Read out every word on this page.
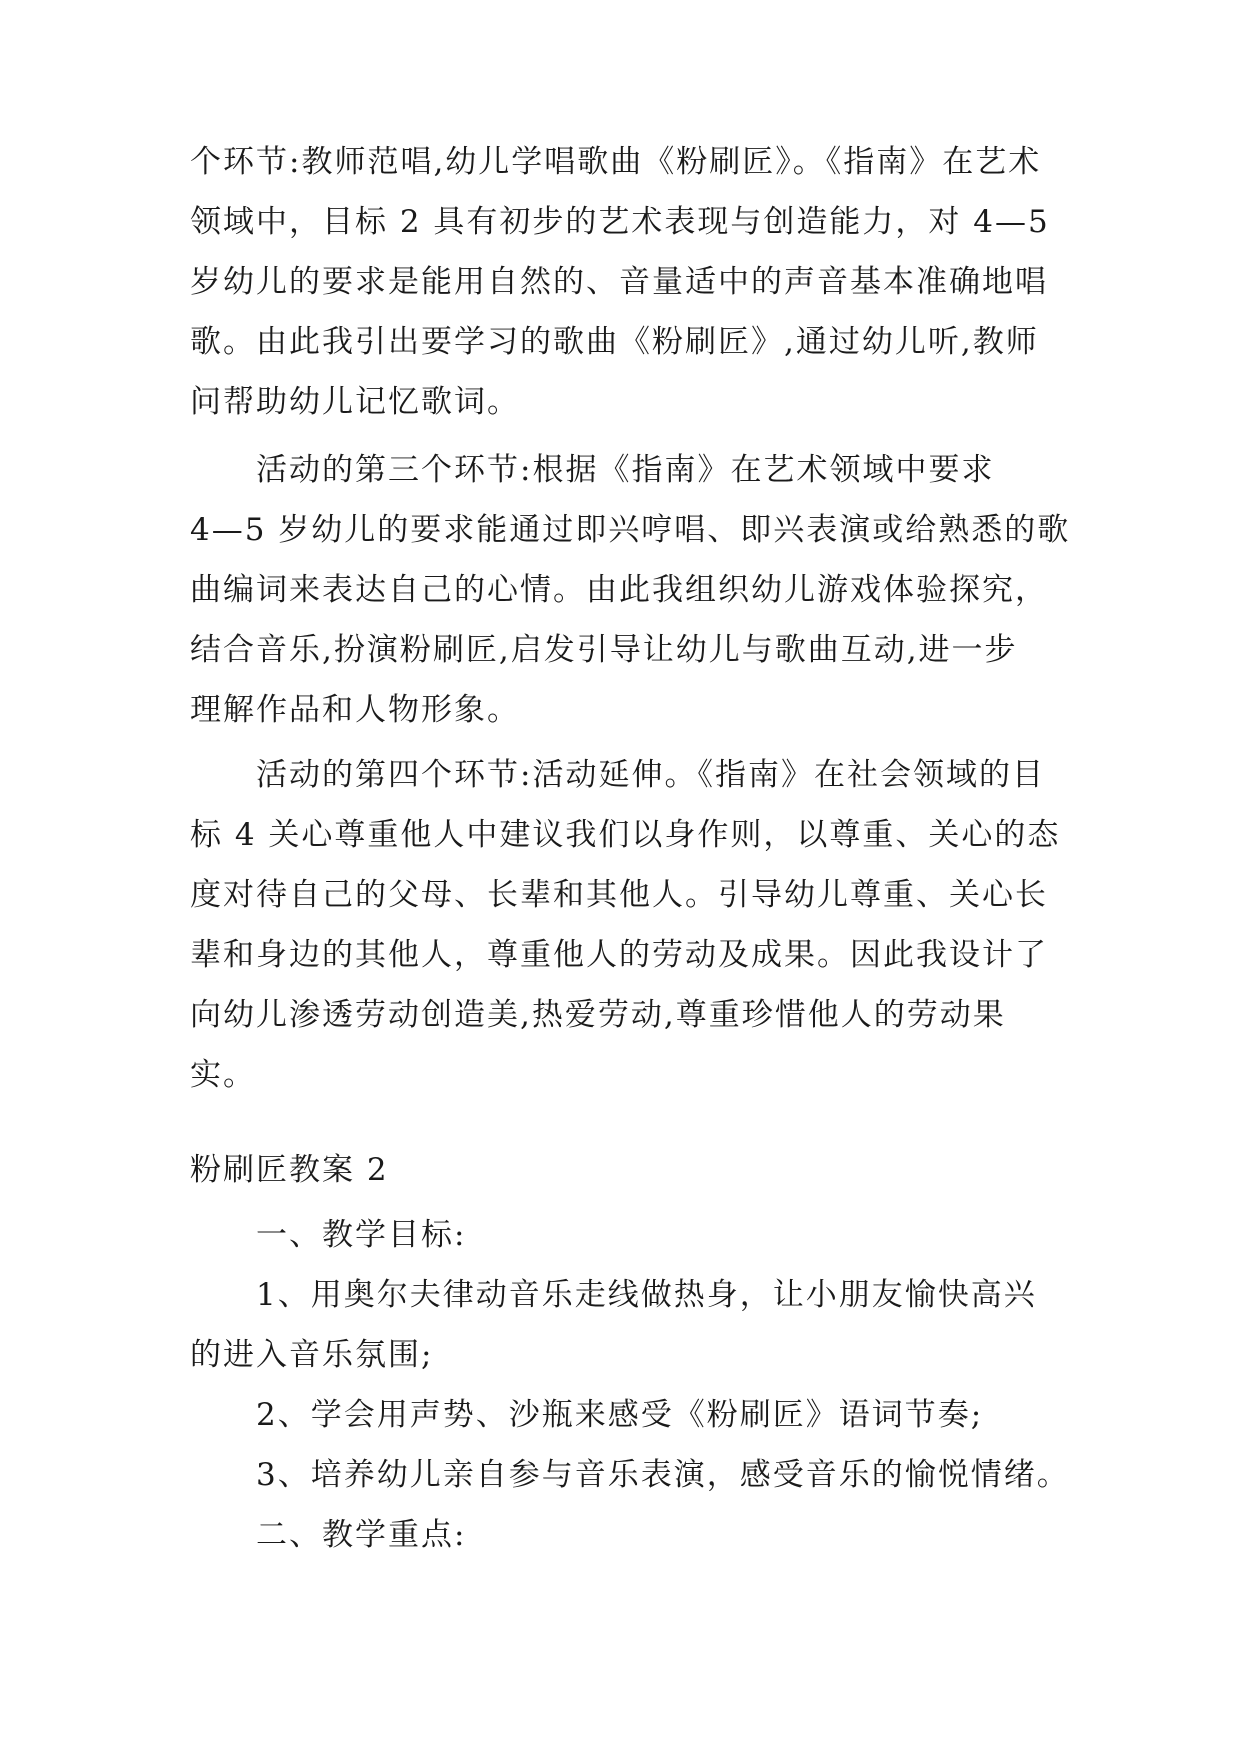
个环节:教师范唱,幼儿学唱歌曲《粉刷匠》。《指南》在艺术
领域中，目标 2 具有初步的艺术表现与创造能力，对 4—5
岁幼儿的要求是能用自然的、音量适中的声音基本准确地唱
歌。由此我引出要学习的歌曲《粉刷匠》,通过幼儿听,教师
问帮助幼儿记忆歌词。
活动的第三个环节:根据《指南》在艺术领域中要求
4—5 岁幼儿的要求能通过即兴哼唱、即兴表演或给熟悉的歌
曲编词来表达自己的心情。由此我组织幼儿游戏体验探究，
结合音乐,扮演粉刷匠,启发引导让幼儿与歌曲互动,进一步
理解作品和人物形象。
活动的第四个环节:活动延伸。《指南》在社会领域的目
标 4 关心尊重他人中建议我们以身作则，以尊重、关心的态
度对待自己的父母、长辈和其他人。引导幼儿尊重、关心长
辈和身边的其他人，尊重他人的劳动及成果。因此我设计了
向幼儿渗透劳动创造美,热爱劳动,尊重珍惜他人的劳动果
实。
粉刷匠教案 2
一、教学目标:
1、用奥尔夫律动音乐走线做热身，让小朋友愉快高兴
的进入音乐氛围;
2、学会用声势、沙瓶来感受《粉刷匠》语词节奏;
3、培养幼儿亲自参与音乐表演，感受音乐的愉悦情绪。
二、教学重点:
